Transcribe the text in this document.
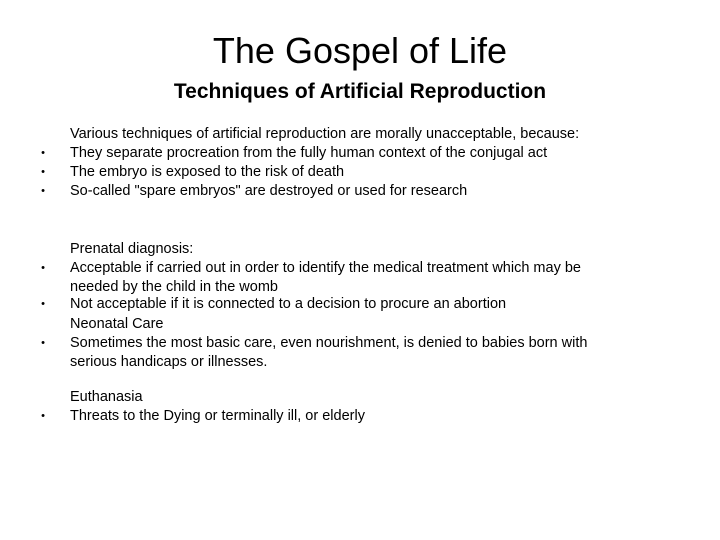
The Gospel of Life
Techniques of Artificial Reproduction
Various techniques of artificial reproduction are morally unacceptable, because:
• They separate procreation from the fully human context of the conjugal act
• The embryo is exposed to the risk of death
• So-called "spare embryos" are destroyed or used for research
Prenatal diagnosis:
• Acceptable if carried out in order to identify the medical treatment which may be
needed by the child in the womb
• Not acceptable if it is connected to a decision to procure an abortion
Neonatal Care
• Sometimes the most basic care, even nourishment, is denied to babies born with
serious handicaps or illnesses.
Euthanasia
• Threats to the Dying or terminally ill, or elderly
